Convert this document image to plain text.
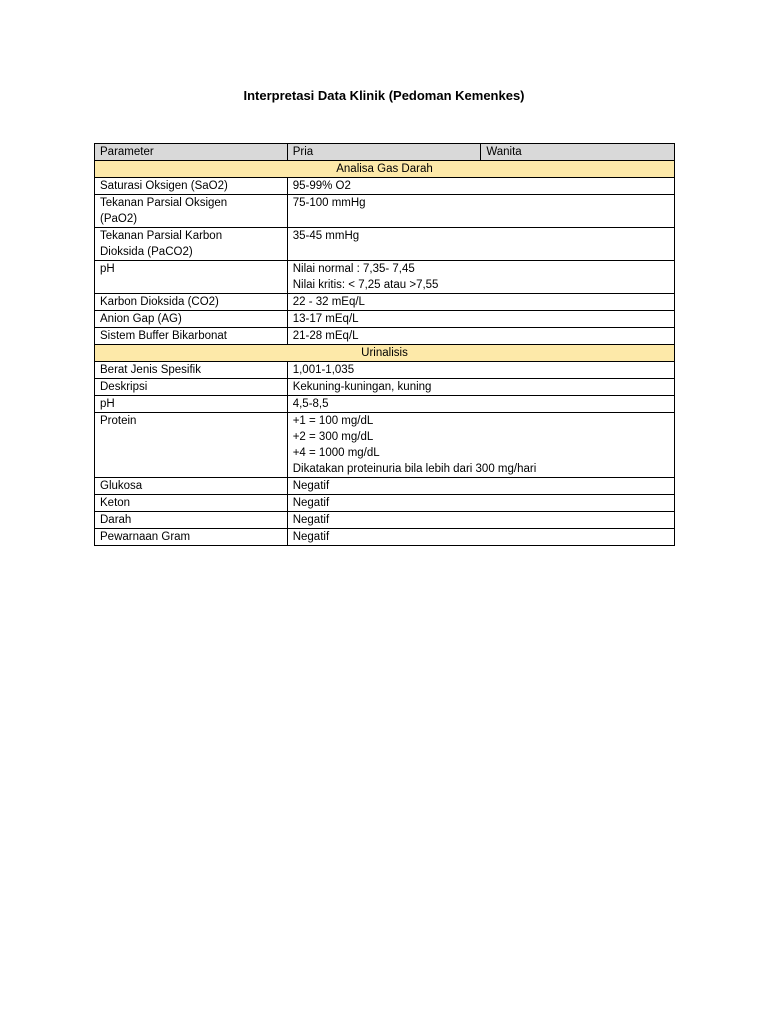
Interpretasi Data Klinik (Pedoman Kemenkes)
Parameter	Pria	Wanita
Analisa Gas Darah		

Saturasi Oksigen (SaO2)	95-99% O2	

Tekanan Parsial Oksigen
(PaO2)	75-100 mmHg	

Tekanan Parsial Karbon
Dioksida (PaCO2)	35-45 mmHg	

pH	Nilai normal : 7,35- 7,45
Nilai kritis: < 7,25 atau >7,55	

Karbon Dioksida (CO2)	22 - 32 mEq/L	

Anion Gap (AG)	13-17 mEq/L	

Sistem Buffer Bikarbonat	21-28 mEq/L	

Urinalisis		

Berat Jenis Spesifik	1,001-1,035	

Deskripsi	Kekuning-kuningan, kuning	

pH	4,5-8,5	

Protein	+1 = 100 mg/dL
+2 = 300 mg/dL
+4 = 1000 mg/dL
Dikatakan proteinuria bila lebih dari 300 mg/hari	

Glukosa	Negatif	

Keton	Negatif	

Darah	Negatif	

Pewarnaan Gram	Negatif	
